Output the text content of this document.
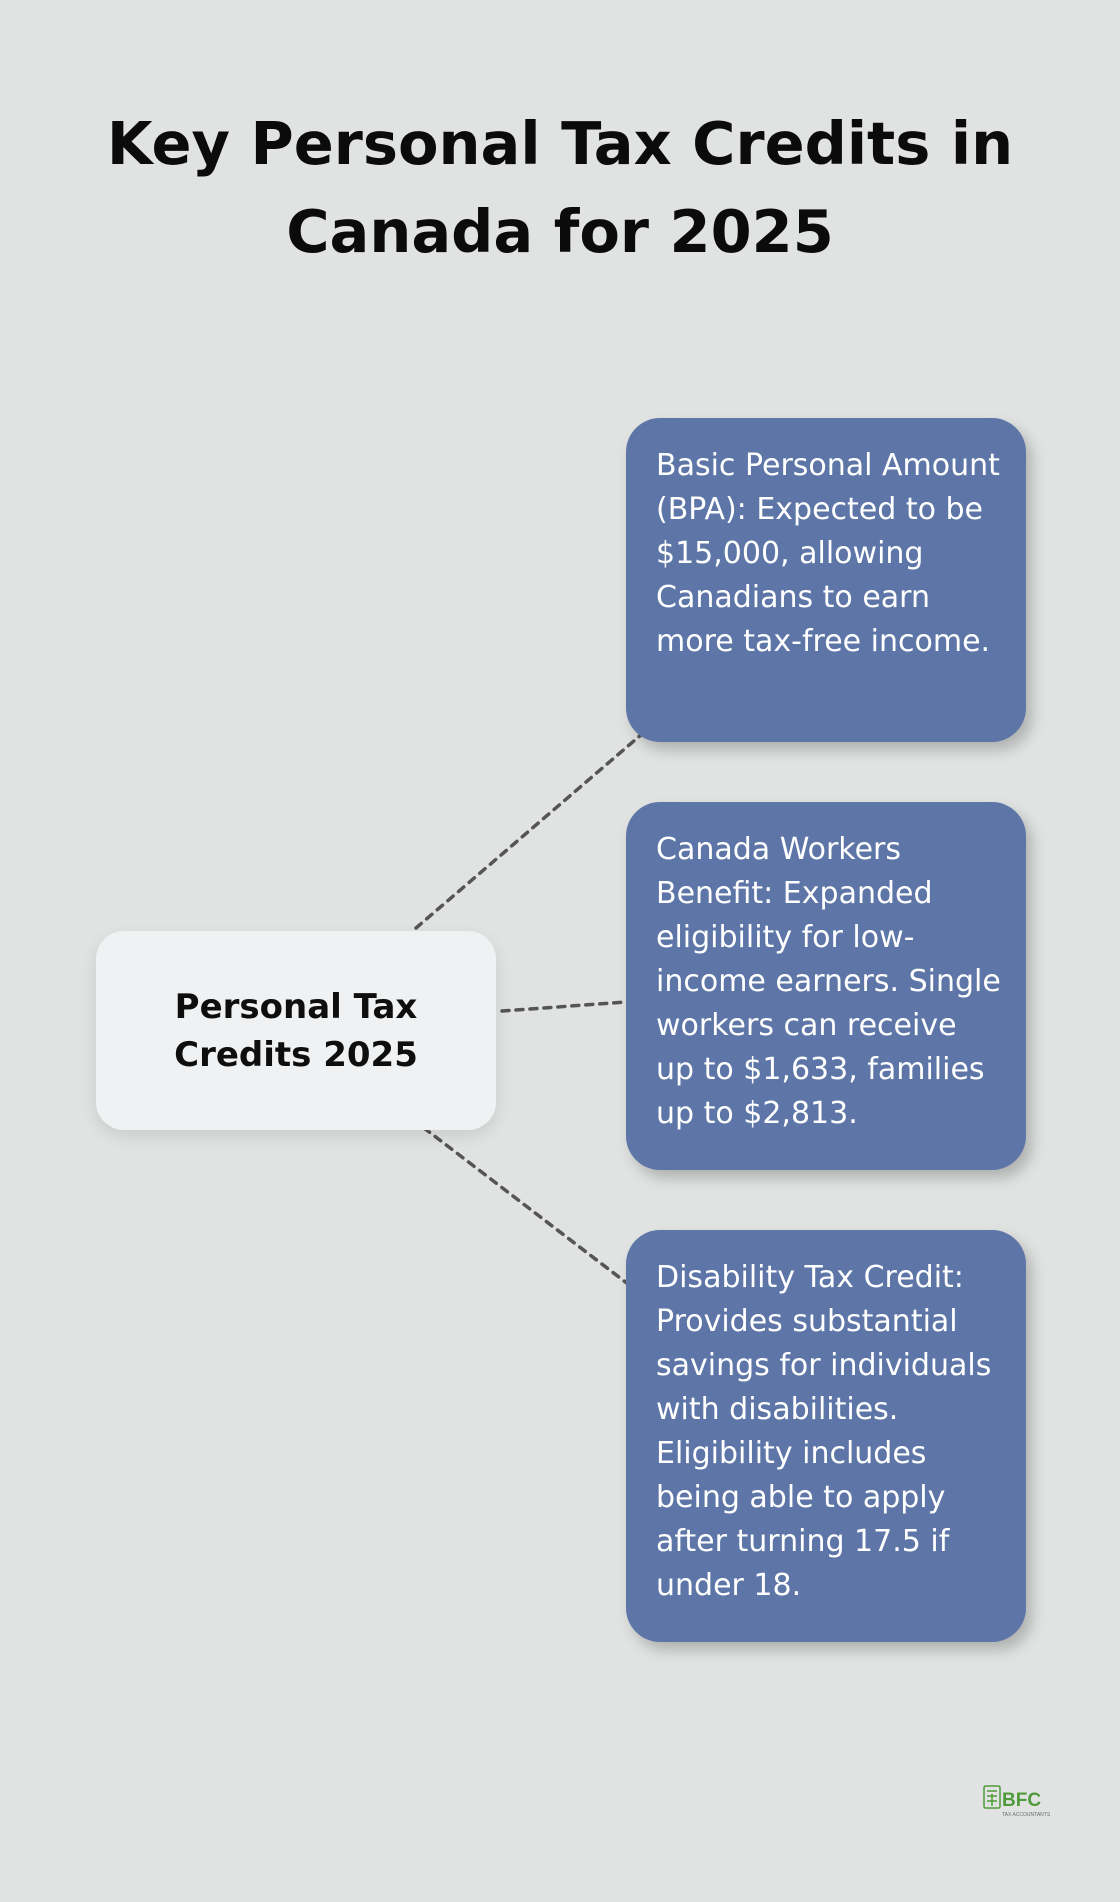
Key Personal Tax Credits in Canada for 2025
Personal Tax Credits 2025
Basic Personal Amount (BPA): Expected to be $15,000, allowing Canadians to earn more tax-free income.
Canada Workers Benefit: Expanded eligibility for low-income earners. Single workers can receive up to $1,633, families up to $2,813.
Disability Tax Credit: Provides substantial savings for individuals with disabilities. Eligibility includes being able to apply after turning 17.5 if under 18.
BFC
TAX ACCOUNTANTS
